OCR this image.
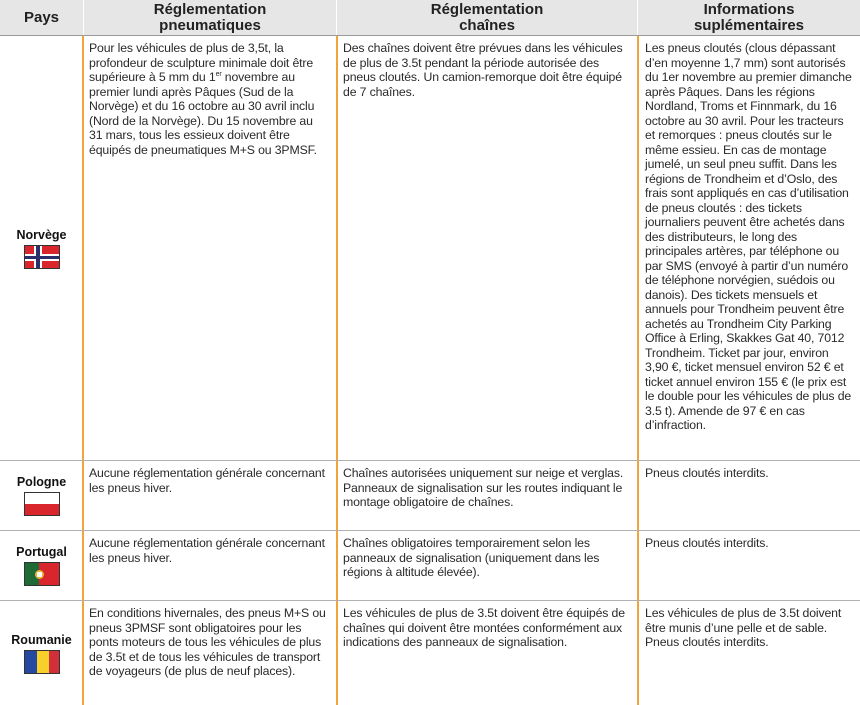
Pays	Réglementation
pneumatiques
Réglementation
chaînes
Informations
suplémentaires
Norvège
Pour les véhicules de plus de 3,5t, la profondeur de sculpture minimale doit être supérieure à 5 mm du 1er novembre au premier lundi après Pâques (Sud de la Norvège) et du 16 octobre au 30 avril inclu (Nord de la Norvège). Du 15 novembre au 31 mars, tous les essieux doivent être équipés de pneumatiques M+S ou 3PMSF.
Des chaînes doivent être prévues dans les véhicules de plus de 3.5t pendant la période autorisée des pneus cloutés. Un camion-remorque doit être équipé de 7 chaînes.
Les pneus cloutés (clous dépassant d’en moyenne 1,7 mm) sont autorisés du 1er novembre au premier dimanche après Pâques. Dans les régions Nordland, Troms et Finnmark, du 16 octobre au 30 avril. Pour les tracteurs et remorques : pneus cloutés sur le même essieu. En cas de montage jumelé, un seul pneu suffit. Dans les régions de Trondheim et d’Oslo, des frais sont appliqués en cas d’utilisation de pneus cloutés : des tickets journaliers peuvent être achetés dans des distributeurs, le long des principales artères, par téléphone ou par SMS (envoyé à partir d’un numéro de téléphone norvégien, suédois ou danois). Des tickets mensuels et annuels pour Trondheim peuvent être achetés au Trondheim City Parking Office à Erling, Skakkes Gat 40, 7012 Trondheim. Ticket par jour, environ 3,90 €, ticket mensuel environ 52 € et ticket annuel environ 155 € (le prix est le double pour les véhicules de plus de 3.5 t). Amende de 97 € en cas d’infraction.
Pologne
Aucune réglementation générale concernant les pneus hiver.
Chaînes autorisées uniquement sur neige et verglas. Panneaux de signalisation sur les routes indiquant le montage obligatoire de chaînes.
Pneus cloutés interdits.
Portugal
Aucune réglementation générale concernant les pneus hiver.
Chaînes obligatoires temporairement selon les panneaux de signalisation (uniquement dans les régions à altitude élevée).
Pneus cloutés interdits.
Roumanie
En conditions hivernales, des pneus M+S ou pneus 3PMSF sont obligatoires pour les ponts moteurs de tous les véhicules de plus de 3.5t et de tous les véhicules de transport de voyageurs (de plus de neuf places).
Les véhicules de plus de 3.5t doivent être équipés de chaînes qui doivent être montées conformément aux indications des panneaux de signalisation.
Les véhicules de plus de 3.5t doivent être munis d’une pelle et de sable. Pneus cloutés interdits.
